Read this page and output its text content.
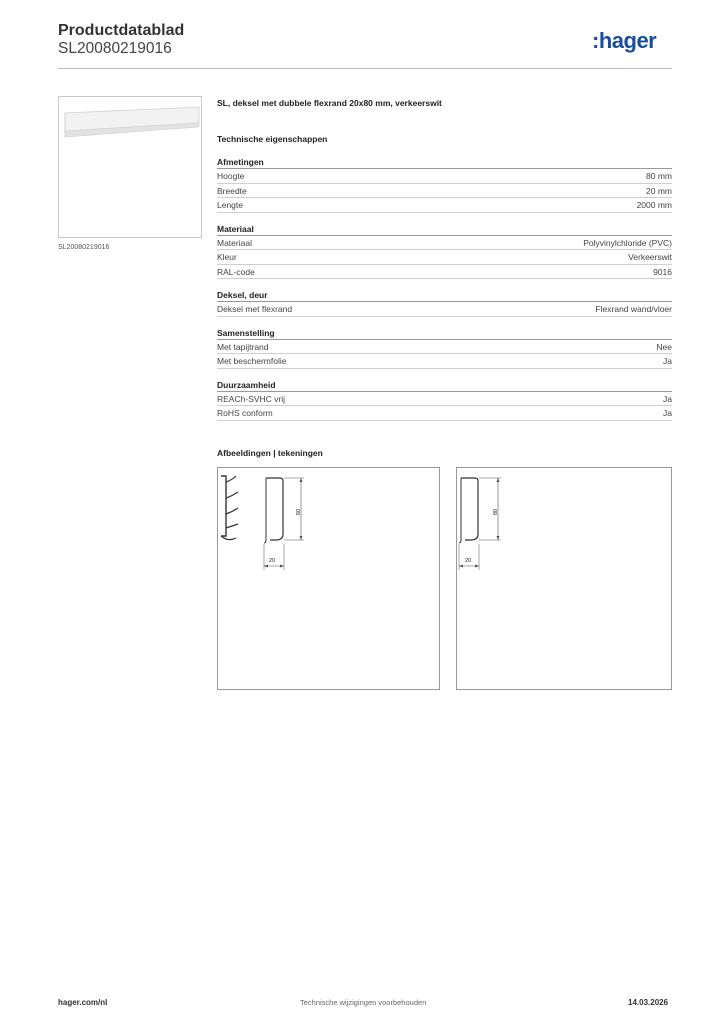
Productdatablad
SL20080219016	:hager
SL20080219016
SL, deksel met dubbele flexrand 20x80 mm, verkeerswit
Technische eigenschappen
Afmetingen
Hoogte	80 mm
Breedte	20 mm
Lengte	2000 mm
Materiaal
Materiaal	Polyvinylchloride (PVC)
Kleur	Verkeerswit
RAL-code	9016
Deksel, deur
Deksel met flexrand	Flexrand wand/vloer
Samenstelling
Met tapijtrand	Nee
Met beschermfolie	Ja
Duurzaamheid
REACh-SVHC vrij	Ja
RoHS conform	Ja
Afbeeldingen | tekeningen
80
20
80
20
hager.com/nl	Technische wijzigingen voorbehouden	14.03.2026
